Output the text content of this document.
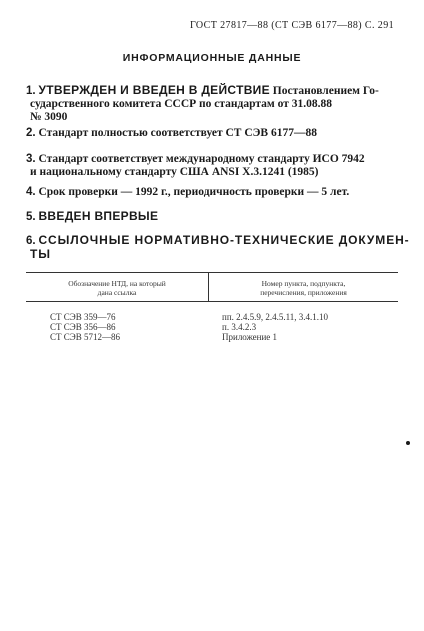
ГОСТ 27817—88 (СТ СЭВ 6177—88) С. 291
ИНФОРМАЦИОННЫЕ ДАННЫЕ
1. УТВЕРЖДЕН И ВВЕДЕН В ДЕЙСТВИЕ Постановлением Го-
сударственного комитета СССР по стандартам от 31.08.88
№ 3090
2. Стандарт полностью соответствует СТ СЭВ 6177—88
3. Стандарт соответствует международному стандарту ИСО 7942
и национальному стандарту США ANSI X.3.1241 (1985)
4. Срок проверки — 1992 г., периодичность проверки — 5 лет.
5. ВВЕДЕН ВПЕРВЫЕ
6. ССЫЛОЧНЫЕ НОРМАТИВНО-ТЕХНИЧЕСКИЕ ДОКУМЕН-
ТЫ
Обозначение НТД, на который
дана ссылка
Номер пункта, подпункта,
перечисления, приложения
СТ СЭВ 359—76
СТ СЭВ 356—86
СТ СЭВ 5712—86
пп. 2.4.5.9, 2.4.5.11, 3.4.1.10
п. 3.4.2.3
Приложение 1
